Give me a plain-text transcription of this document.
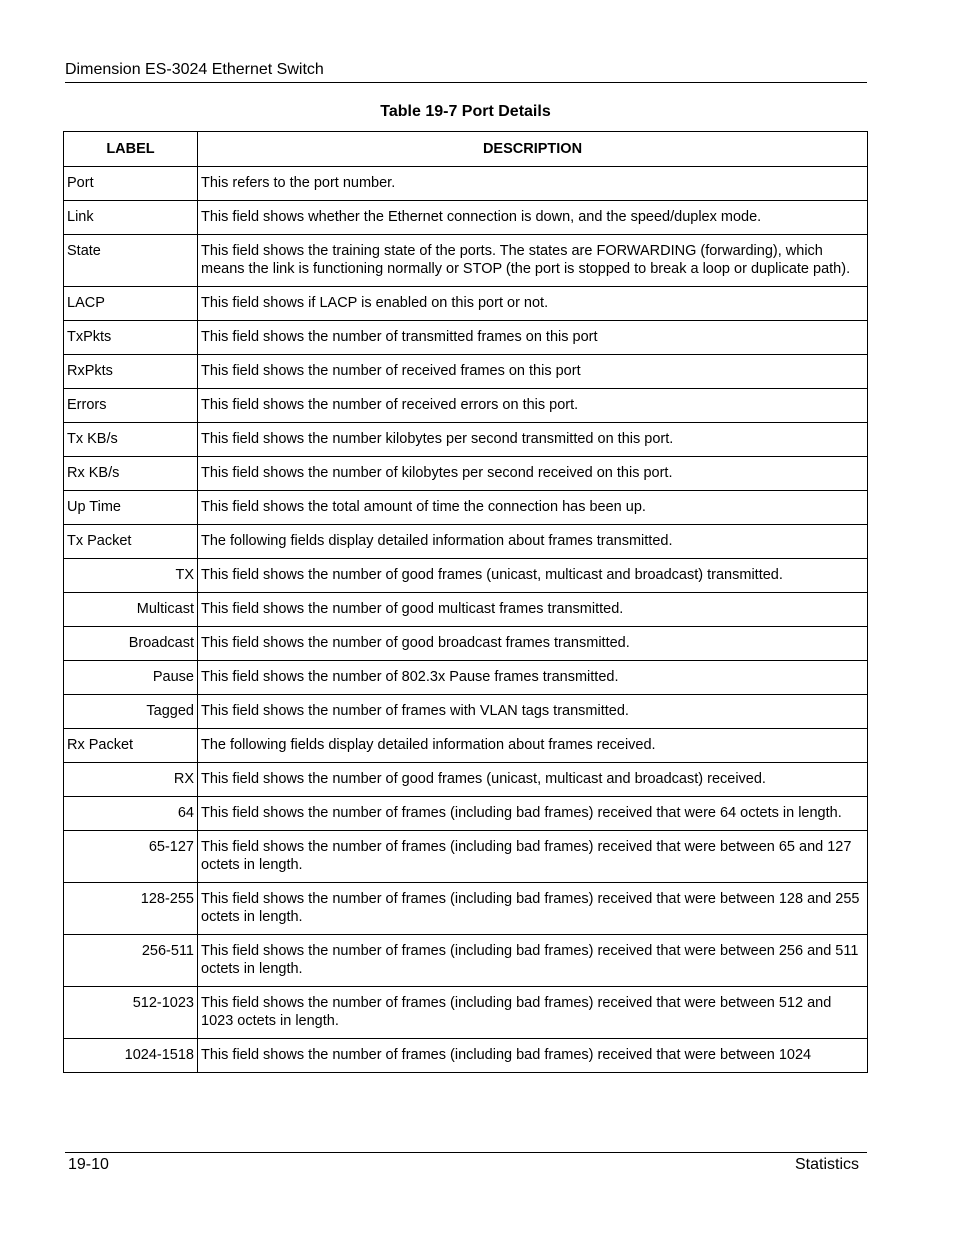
Dimension ES-3024 Ethernet Switch
Table 19-7 Port Details
LABEL	DESCRIPTION
Port	This refers to the port number.
Link	This field shows whether the Ethernet connection is down, and the speed/duplex mode.
State	This field shows the training state of the ports. The states are FORWARDING (forwarding), which means the link is functioning normally or STOP (the port is stopped to break a loop or duplicate path).
LACP	This field shows if LACP is enabled on this port or not.
TxPkts	This field shows the number of transmitted frames on this port
RxPkts	This field shows the number of received frames on this port
Errors	This field shows the number of received errors on this port.
Tx KB/s	This field shows the number kilobytes per second transmitted on this port.
Rx KB/s	This field shows the number of kilobytes per second received on this port.
Up Time	This field shows the total amount of time the connection has been up.
Tx Packet	The following fields display detailed information about frames transmitted.
TX	This field shows the number of good frames (unicast, multicast and broadcast) transmitted.
Multicast	This field shows the number of good multicast frames transmitted.
Broadcast	This field shows the number of good broadcast frames transmitted.
Pause	This field shows the number of 802.3x Pause frames transmitted.
Tagged	This field shows the number of frames with VLAN tags transmitted.
Rx Packet	The following fields display detailed information about frames received.
RX	This field shows the number of good frames (unicast, multicast and broadcast) received.
64	This field shows the number of frames (including bad frames) received that were 64 octets in length.
65-127	This field shows the number of frames (including bad frames) received that were between 65 and 127 octets in length.
128-255	This field shows the number of frames (including bad frames) received that were between 128 and 255 octets in length.
256-511	This field shows the number of frames (including bad frames) received that were between 256 and 511 octets in length.
512-1023	This field shows the number of frames (including bad frames) received that were between 512 and 1023 octets in length.
1024-1518	This field shows the number of frames (including bad frames) received that were between 1024
19-10	Statistics
